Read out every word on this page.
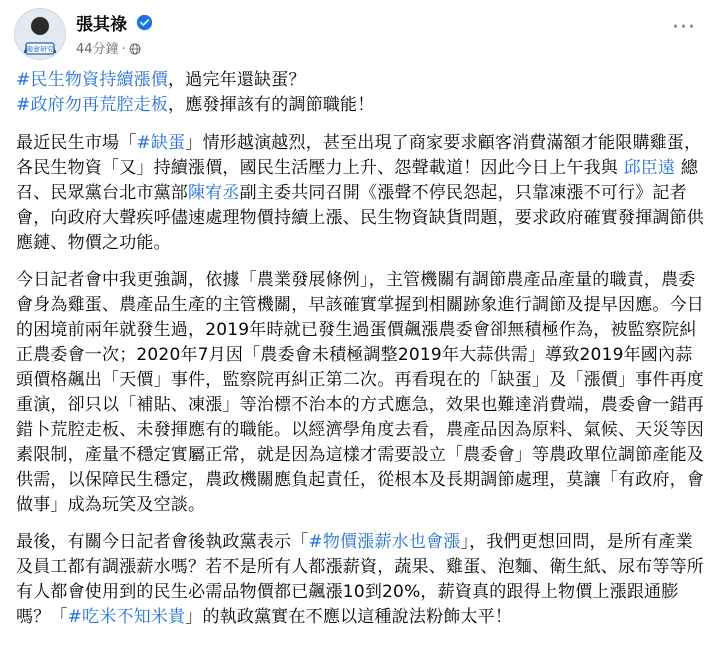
國會研究
張其祿
44分鐘 ·
···

#民生物資持續漲價，過完年還缺蛋？
#政府勿再荒腔走板，應發揮該有的調節職能！

最近民生市場「#缺蛋」情形越演越烈，甚至出現了商家要求顧客消費滿額才能限購雞蛋，各民生物資「又」持續漲價，國民生活壓力上升、怨聲載道！因此今日上午我與 邱臣遠 總召、民眾黨台北市黨部陳宥丞副主委共同召開《漲聲不停民怨起，只靠凍漲不可行》記者會，向政府大聲疾呼儘速處理物價持續上漲、民生物資缺貨問題，要求政府確實發揮調節供應鏈、物價之功能。

今日記者會中我更強調，依據「農業發展條例」，主管機關有調節農產品產量的職責，農委會身為雞蛋、農產品生產的主管機關，早該確實掌握到相關跡象進行調節及提早因應。今日的困境前兩年就發生過，2019年時就已發生過蛋價飆漲農委會卻無積極作為，被監察院糾正農委會一次；2020年7月因「農委會未積極調整2019年大蒜供需」導致2019年國內蒜頭價格飆出「天價」事件，監察院再糾正第二次。再看現在的「缺蛋」及「漲價」事件再度重演，卻只以「補貼、凍漲」等治標不治本的方式應急，效果也難達消費端，農委會一錯再錯卜荒腔走板、未發揮應有的職能。以經濟學角度去看，農產品因為原料、氣候、天災等因素限制，產量不穩定實屬正常，就是因為這樣才需要設立「農委會」等農政單位調節產能及供需，以保障民生穩定，農政機關應負起責任，從根本及長期調節處理，莫讓「有政府，會做事」成為玩笑及空談。

最後，有關今日記者會後執政黨表示「#物價漲薪水也會漲」，我們更想回問，是所有產業及員工都有調漲薪水嗎？若不是所有人都漲薪資，蔬果、雞蛋、泡麵、衛生紙、尿布等等所有人都會使用到的民生必需品物價都已飆漲10到20%，薪資真的跟得上物價上漲跟通膨嗎？「#吃米不知米貴」的執政黨實在不應以這種說法粉飾太平！
